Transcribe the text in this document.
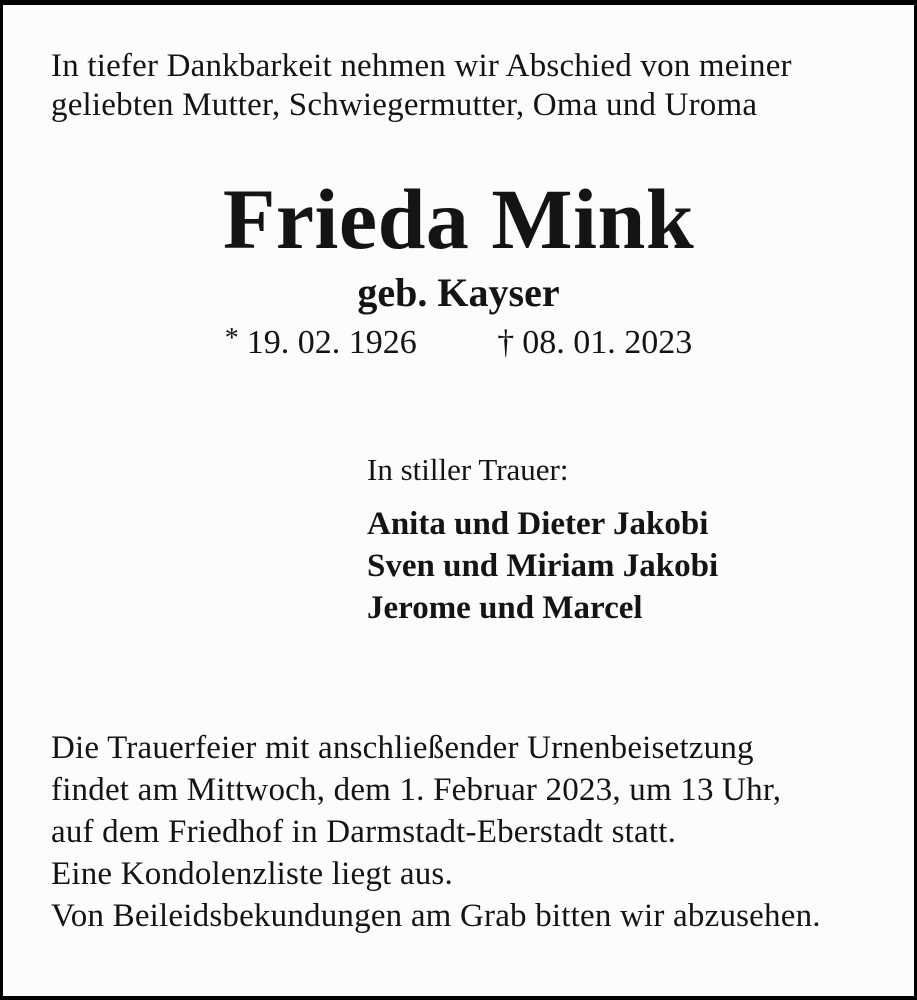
In tiefer Dankbarkeit nehmen wir Abschied von meiner
geliebten Mutter, Schwiegermutter, Oma und Uroma
Frieda Mink
geb. Kayser
* 19. 02. 1926 † 08. 01. 2023
In stiller Trauer:
Anita und Dieter Jakobi
Sven und Miriam Jakobi
Jerome und Marcel
Die Trauerfeier mit anschließender Urnenbeisetzung
findet am Mittwoch, dem 1. Februar 2023, um 13 Uhr,
auf dem Friedhof in Darmstadt-Eberstadt statt.
Eine Kondolenzliste liegt aus.
Von Beileidsbekundungen am Grab bitten wir abzusehen.
